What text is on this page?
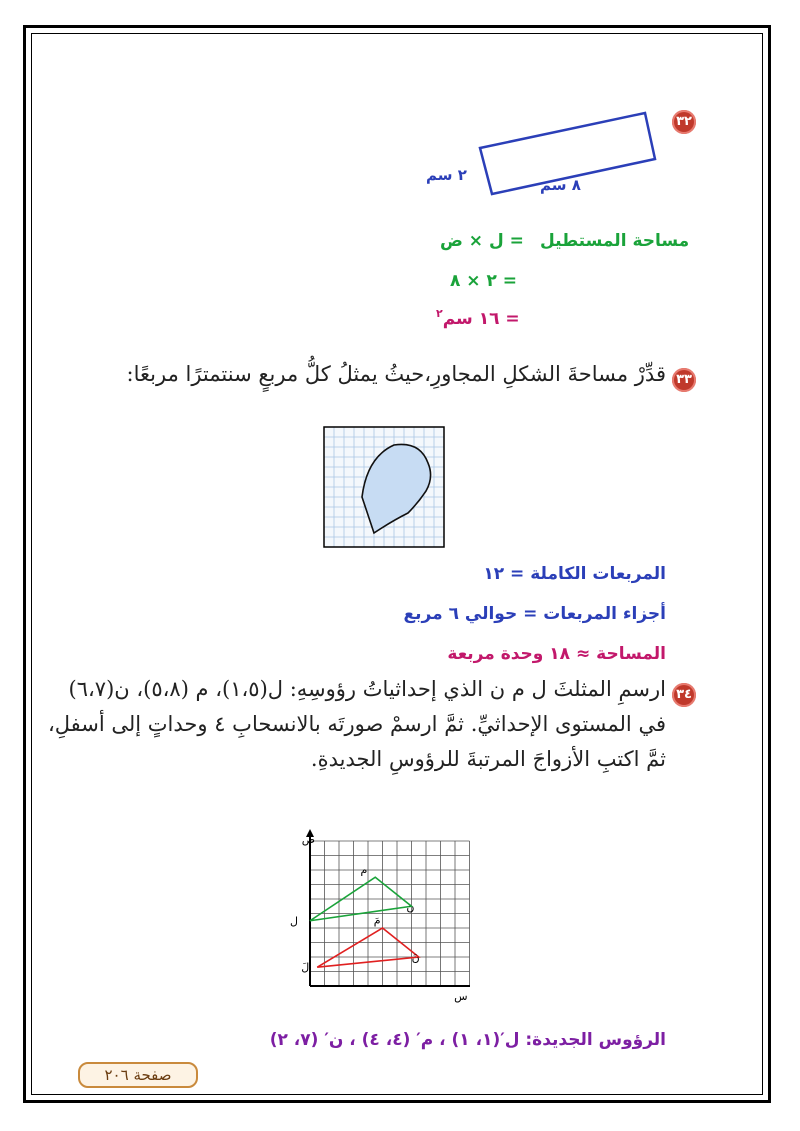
٣٢
٨ سم
٢ سم
مساحة المستطيل
= ل × ض
= ٢ × ٨
= ١٦ سم$^٢$
٣٣
قدِّرْ مساحةَ الشكلِ المجاورِ،حيثُ يمثلُ كلُّ مربعٍ سنتمترًا مربعًا:
المربعات الكاملة = ١٢
أجزاء المربعات = حوالي ٦ مربع
المساحة ≈ ١٨ وحدة مربعة
٣٤
ارسمِ المثلثَ ل م ن الذي إحداثياتُ رؤوسِهِ: ل(١،٥)، م (٥،٨)، ن(٦،٧)
في المستوى الإحداثيِّ. ثمَّ ارسمْ صورتَه بالانسحابِ ٤ وحداتٍ إلى أسفلِ،
ثمَّ اكتبِ الأزواجَ المرتبةَ للرؤوسِ الجديدةِ.
ل
م
ن
لَ
مَ
نَ
ص
س
الرؤوس الجديدة: ل′(١، ١) ، م′ (٤، ٤) ، ن′ (٧، ٢)
صفحة ٢٠٦
